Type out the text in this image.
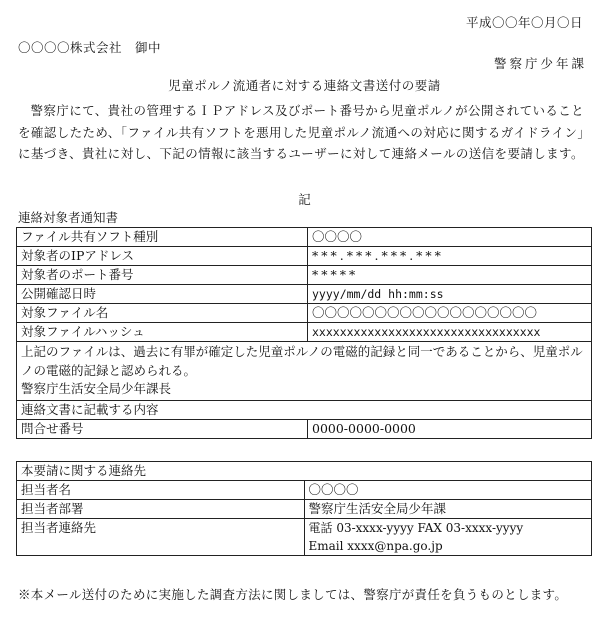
平成〇〇年〇月〇日
〇〇〇〇株式会社　御中
警察庁少年課
児童ポルノ流通者に対する連絡文書送付の要請
警察庁にて、貴社の管理するＩＰアドレス及びポート番号から児童ポルノが公開されていることを確認したため、「ファイル共有ソフトを悪用した児童ポルノ流通への対応に関するガイドライン」に基づき、貴社に対し、下記の情報に該当するユーザーに対して連絡メールの送信を要請します。
記
連絡対象者通知書
ファイル共有ソフト種別	〇〇〇〇
対象者のIPアドレス	***.***.***.***
対象者のポート番号	*****
公開確認日時	yyyy/mm/dd hh:mm:ss
対象ファイル名	〇〇〇〇〇〇〇〇〇〇〇〇〇〇〇〇〇〇
対象ファイルハッシュ	xxxxxxxxxxxxxxxxxxxxxxxxxxxxxxxxx

上記のファイルは、過去に有罪が確定した児童ポルノの電磁的記録と同一であることから、児童ポルノの電磁的記録と認められる。
警察庁生活安全局少年課長	

連絡文書に記載する内容	
問合せ番号	0000-0000-0000
本要請に関する連絡先	
担当者名	〇〇〇〇
担当者部署	警察庁生活安全局少年課
担当者連絡先	電話 03-xxxx-yyyy FAX 03-xxxx-yyyy
Email xxxx@npa.go.jp
※本メール送付のために実施した調査方法に関しましては、警察庁が責任を負うものとします。
